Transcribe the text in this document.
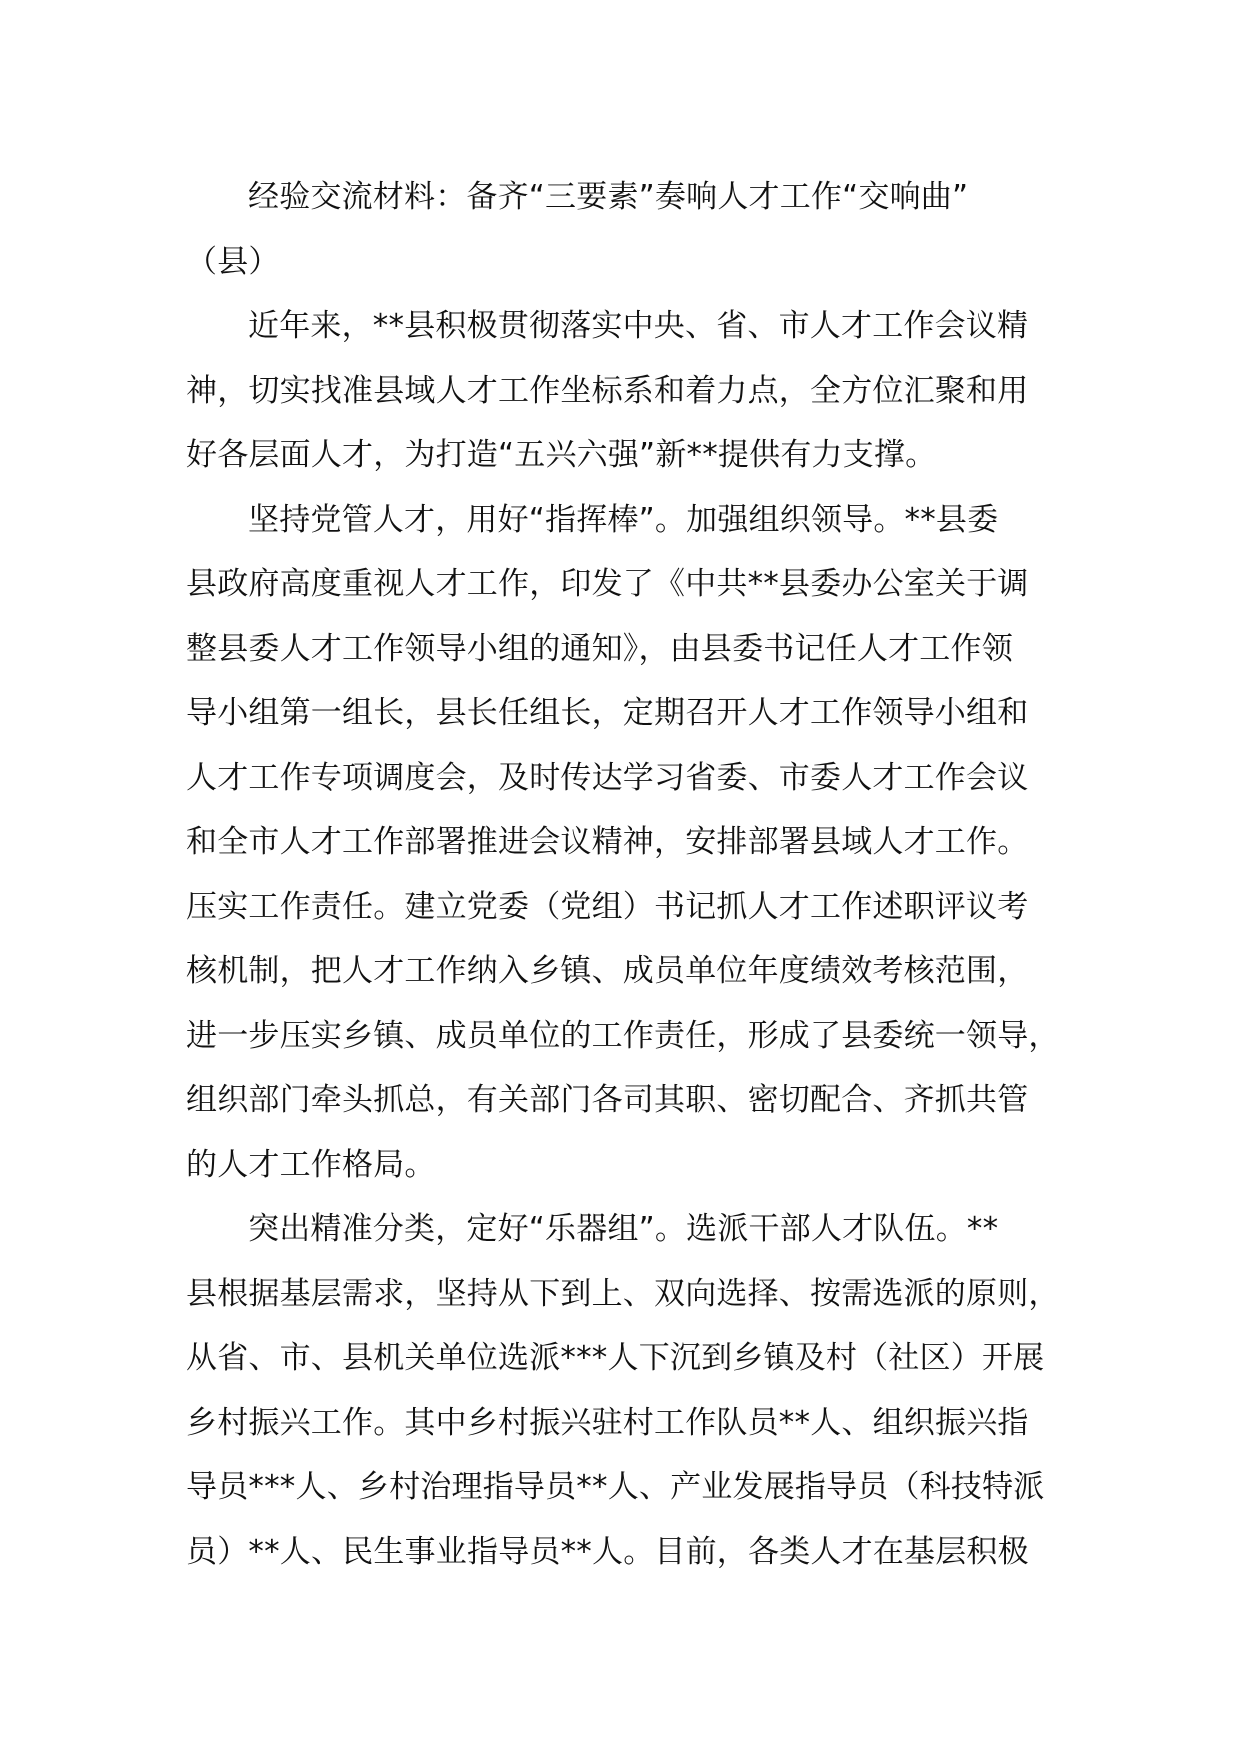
经验交流材料：备齐“三要素”奏响人才工作“交响曲”
（县）
近年来，**县积极贯彻落实中央、省、市人才工作会议精
神，切实找准县域人才工作坐标系和着力点，全方位汇聚和用
好各层面人才，为打造“五兴六强”新**提供有力支撑。
坚持党管人才，用好“指挥棒”。加强组织领导。**县委
县政府高度重视人才工作，印发了《中共**县委办公室关于调
整县委人才工作领导小组的通知》，由县委书记任人才工作领
导小组第一组长，县长任组长，定期召开人才工作领导小组和
人才工作专项调度会，及时传达学习省委、市委人才工作会议
和全市人才工作部署推进会议精神，安排部署县域人才工作。
压实工作责任。建立党委（党组）书记抓人才工作述职评议考
核机制，把人才工作纳入乡镇、成员单位年度绩效考核范围，
进一步压实乡镇、成员单位的工作责任，形成了县委统一领导，
组织部门牵头抓总，有关部门各司其职、密切配合、齐抓共管
的人才工作格局。
突出精准分类，定好“乐器组”。选派干部人才队伍。**
县根据基层需求，坚持从下到上、双向选择、按需选派的原则，
从省、市、县机关单位选派***人下沉到乡镇及村（社区）开展
乡村振兴工作。其中乡村振兴驻村工作队员**人、组织振兴指
导员***人、乡村治理指导员**人、产业发展指导员（科技特派
员）**人、民生事业指导员**人。目前，各类人才在基层积极
